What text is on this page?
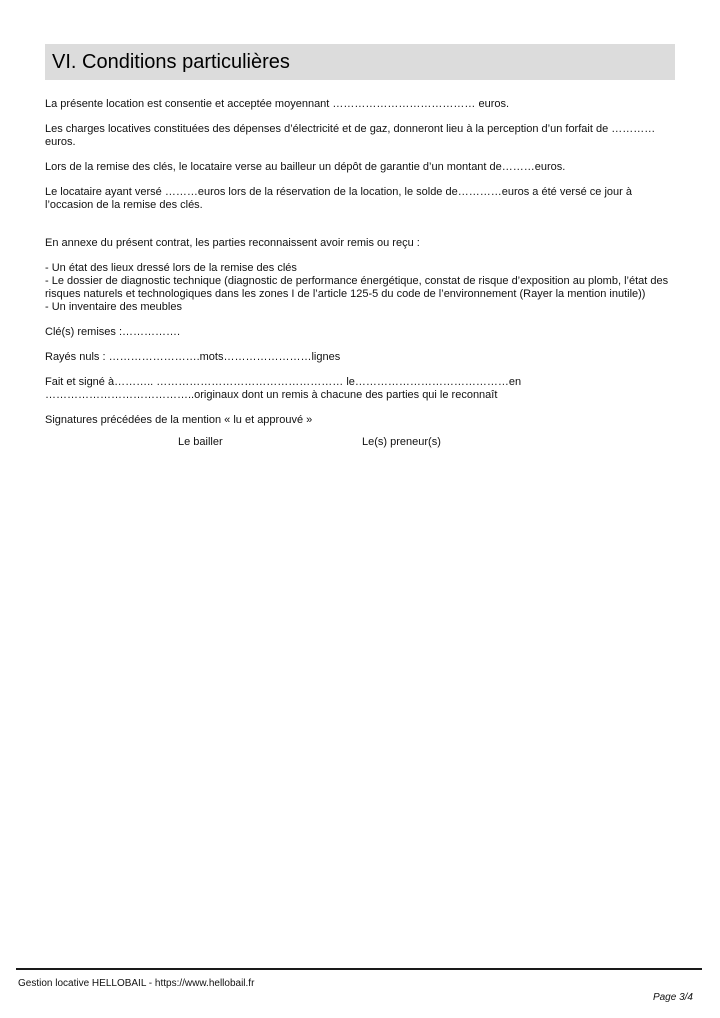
VI. Conditions particulières

La présente location est consentie et acceptée moyennant ………………………………… euros.

Les charges locatives constituées des dépenses d’électricité et de gaz, donneront lieu à la perception d’un forfait de ………… euros.

Lors de la remise des clés, le locataire verse au bailleur un dépôt de garantie d’un montant de………euros.

Le locataire ayant versé ………euros lors de la réservation de la location, le solde de…………euros a été versé ce jour à l’occasion de la remise des clés.

En annexe du présent contrat, les parties reconnaissent avoir remis ou reçu :

- Un état des lieux dressé lors de la remise des clés
- Le dossier de diagnostic technique (diagnostic de performance énergétique, constat de risque d’exposition au plomb, l’état des risques naturels et technologiques dans les zones I de l’article 125-5 du code de l’environnement (Rayer la mention inutile))
- Un inventaire des meubles

Clé(s) remises :…………….

Rayés nuls : …………………….mots……………………lignes

Fait et signé à……….. …………………………………………… le……………………………………en …………………………………..originaux dont un remis à chacune des parties qui le reconnaît

Signatures précédées de la mention « lu et approuvé »

Le bailler	Le(s) preneur(s)
Gestion locative HELLOBAIL - https://www.hellobail.fr
Page 3/4
